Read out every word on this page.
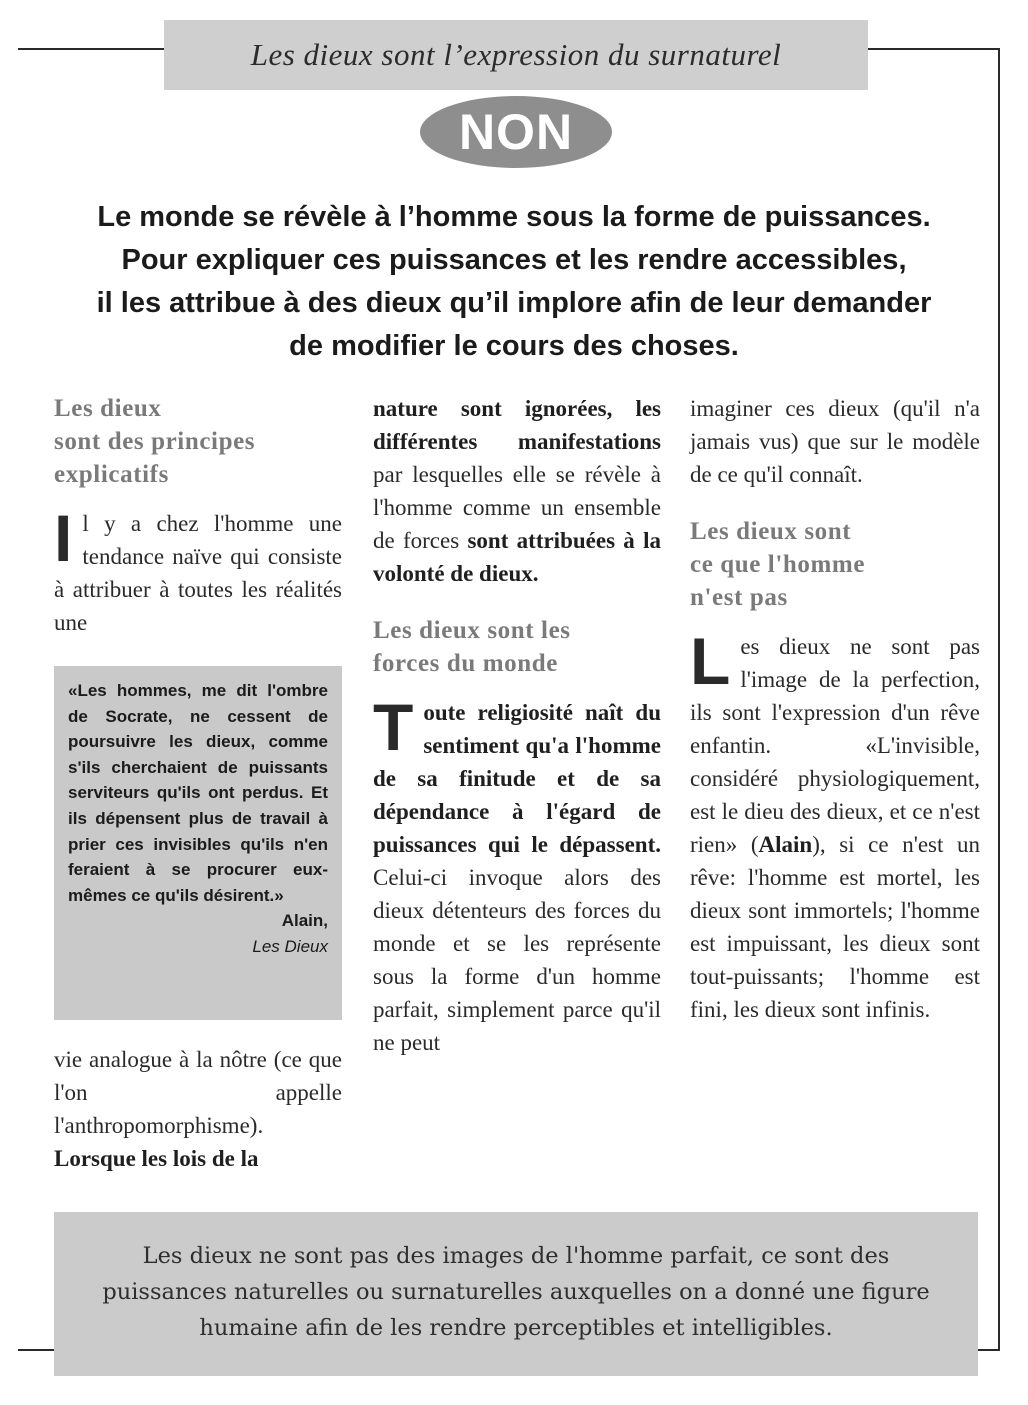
Les dieux sont l’expression du surnaturel
NON
Le monde se révèle à l’homme sous la forme de puissances.
Pour expliquer ces puissances et les rendre accessibles,
il les attribue à des dieux qu’il implore afin de leur demander
de modifier le cours des choses.
Les dieux
sont des principes
explicatifs

Il y a chez l'homme une tendance naïve qui consiste à attribuer à toutes les réalités une

«Les hommes, me dit l'ombre de Socrate, ne cessent de poursuivre les dieux, comme s'ils cherchaient de puissants serviteurs qu'ils ont perdus. Et ils dépensent plus de travail à prier ces invisibles qu'ils n'en feraient à se procurer eux-mêmes ce qu'ils désirent.»

Alain,

Les Dieux

vie analogue à la nôtre (ce que l'on appelle l'anthropomorphisme). Lorsque les lois de la

nature sont ignorées, les différentes manifestations par lesquelles elle se révèle à l'homme comme un ensemble de forces sont attribuées à la volonté de dieux.

Les dieux sont les
forces du monde

Toute religiosité naît du sentiment qu'a l'homme de sa finitude et de sa dépendance à l'égard de puissances qui le dépassent. Celui-ci invoque alors des dieux détenteurs des forces du monde et se les représente sous la forme d'un homme parfait, simplement parce qu'il ne peut

imaginer ces dieux (qu'il n'a jamais vus) que sur le modèle de ce qu'il connaît.

Les dieux sont
ce que l'homme
n'est pas

Les dieux ne sont pas l'image de la perfection, ils sont l'expression d'un rêve enfantin. «L'invisible, considéré physiologiquement, est le dieu des dieux, et ce n'est rien» (Alain), si ce n'est un rêve: l'homme est mortel, les dieux sont immortels; l'homme est impuissant, les dieux sont tout-puissants; l'homme est fini, les dieux sont infinis.

Les dieux ne sont pas des images de l'homme parfait, ce sont des puissances naturelles ou surnaturelles auxquelles on a donné une figure humaine afin de les rendre perceptibles et intelligibles.
